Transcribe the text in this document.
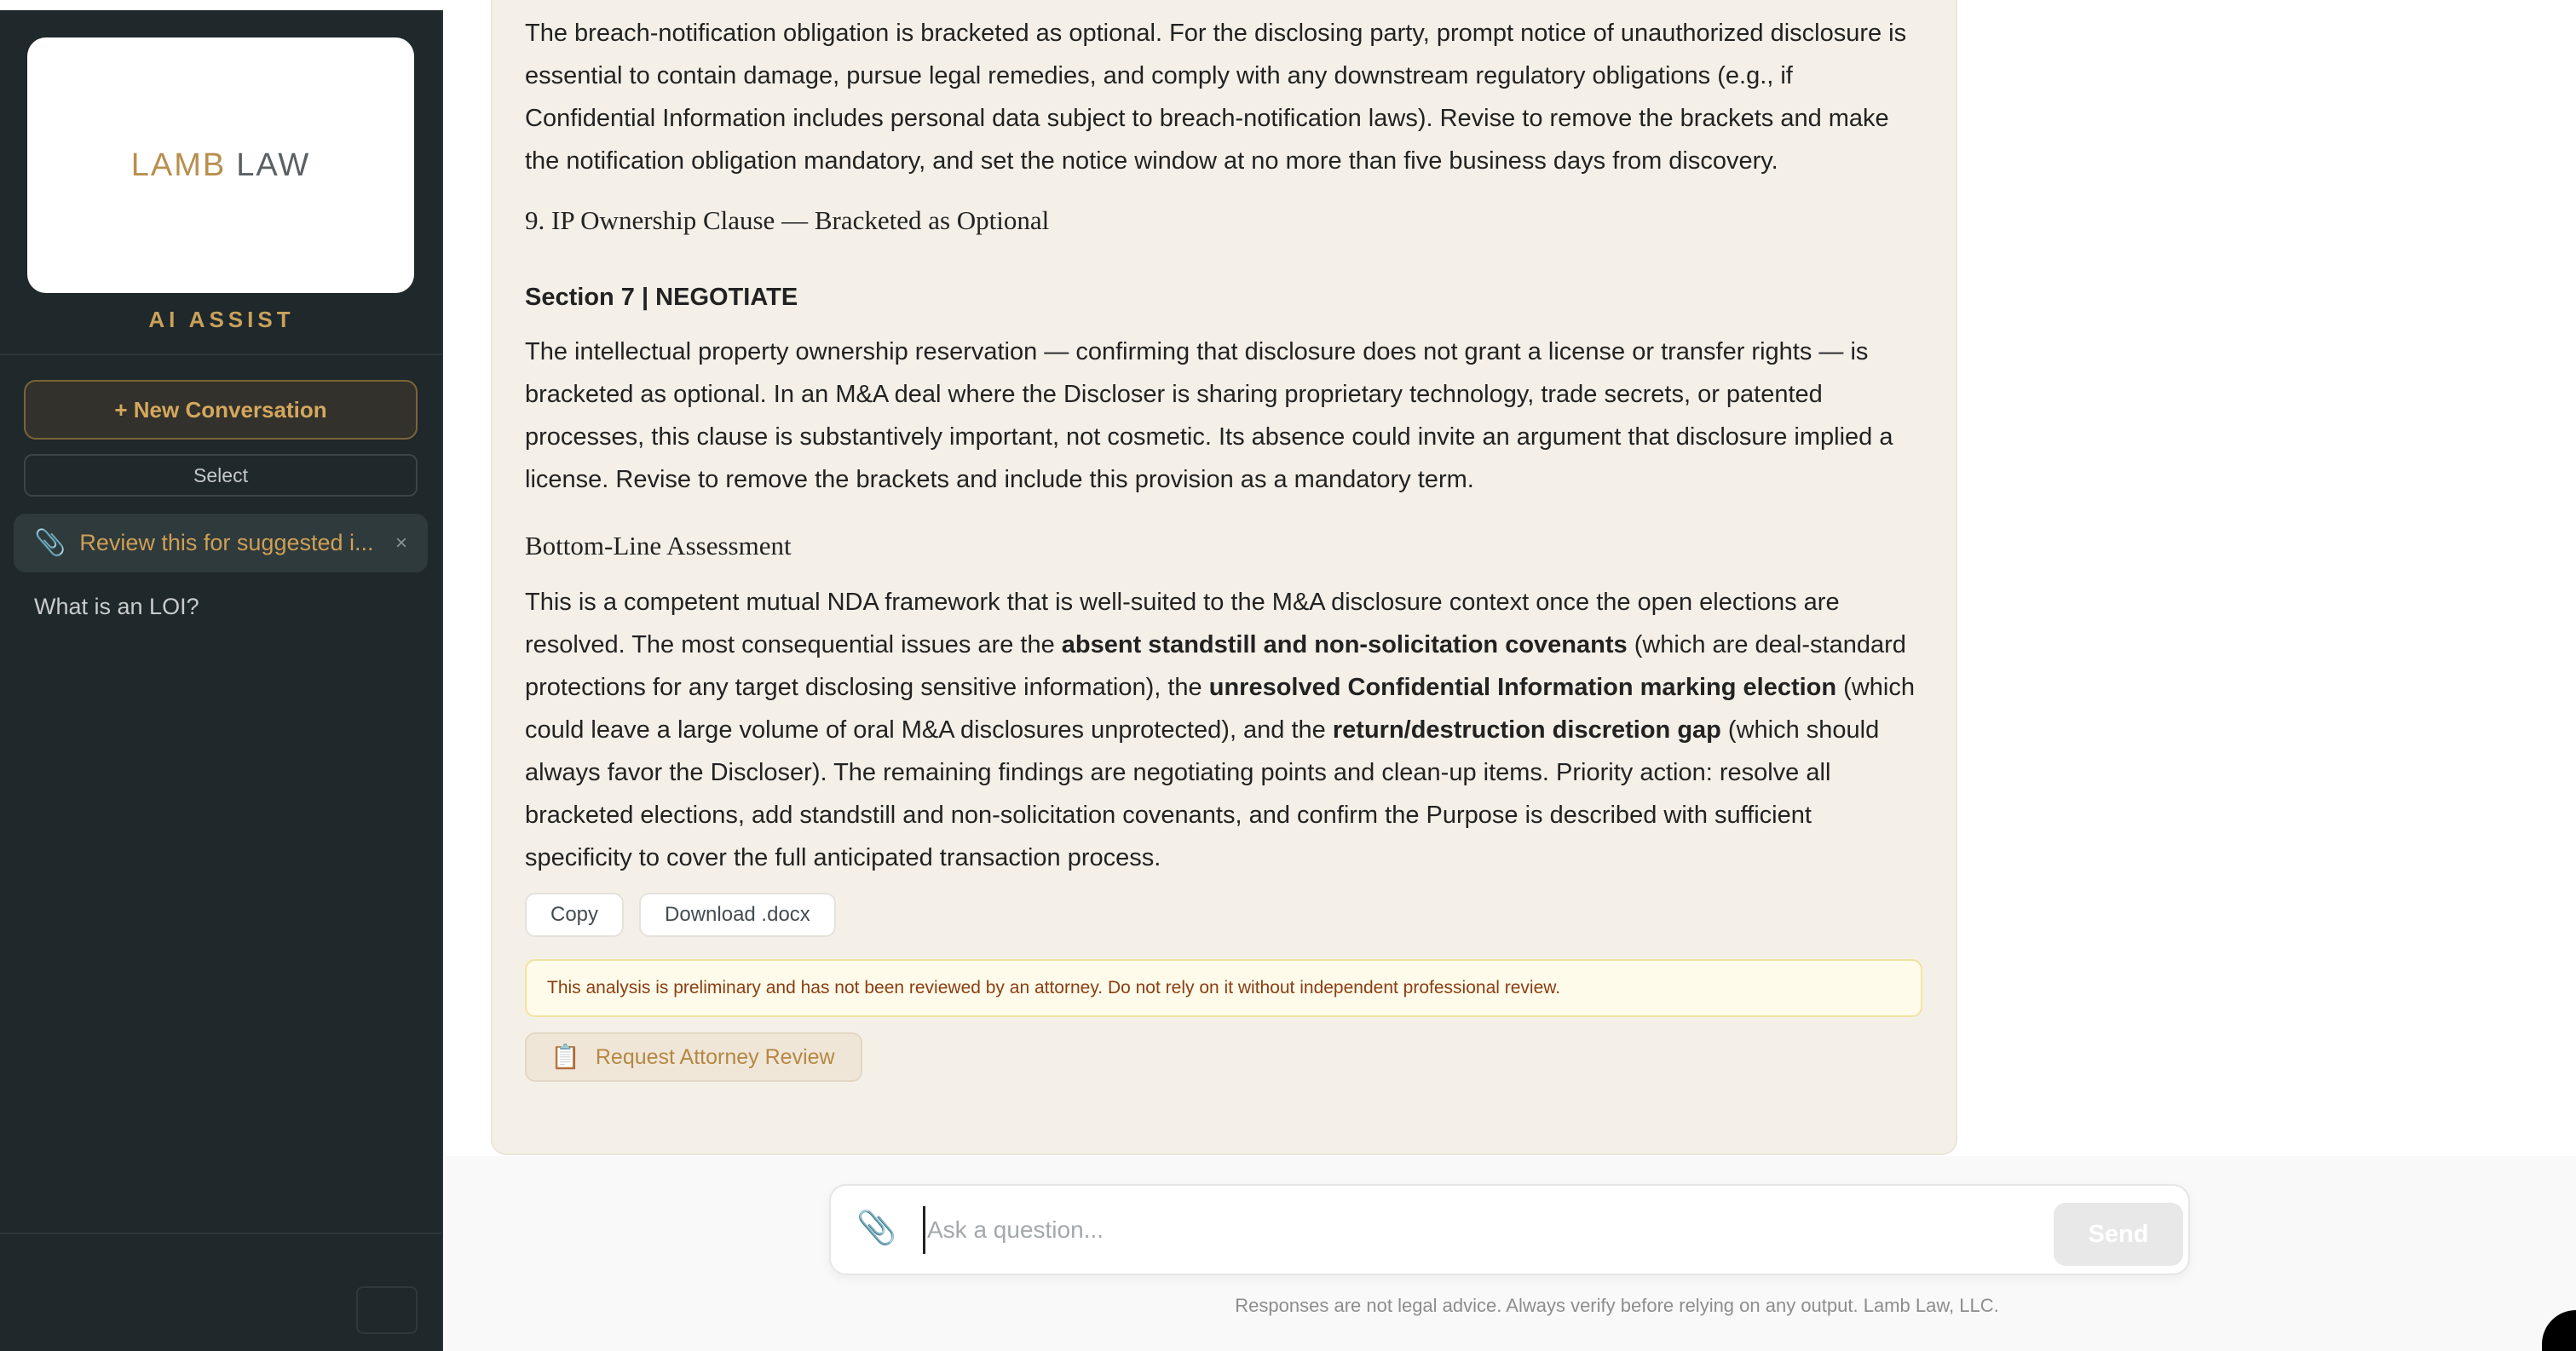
LAMB LAW
AI ASSIST
+ New Conversation
Select
📎 Review this for suggested i...	×
What is an LOI?

The breach-notification obligation is bracketed as optional. For the disclosing party, prompt notice of unauthorized disclosure is essential to contain damage, pursue legal remedies, and comply with any downstream regulatory obligations (e.g., if Confidential Information includes personal data subject to breach-notification laws). Revise to remove the brackets and make the notification obligation mandatory, and set the notice window at no more than five business days from discovery.

9. IP Ownership Clause — Bracketed as Optional
Section 7 | NEGOTIATE

The intellectual property ownership reservation — confirming that disclosure does not grant a license or transfer rights — is bracketed as optional. In an M&A deal where the Discloser is sharing proprietary technology, trade secrets, or patented processes, this clause is substantively important, not cosmetic. Its absence could invite an argument that disclosure implied a license. Revise to remove the brackets and include this provision as a mandatory term.

Bottom-Line Assessment

This is a competent mutual NDA framework that is well-suited to the M&A disclosure context once the open elections are resolved. The most consequential issues are the absent standstill and non-solicitation covenants (which are deal-standard protections for any target disclosing sensitive information), the unresolved Confidential Information marking election (which could leave a large volume of oral M&A disclosures unprotected), and the return/destruction discretion gap (which should always favor the Discloser). The remaining findings are negotiating points and clean-up items. Priority action: resolve all bracketed elections, add standstill and non-solicitation covenants, and confirm the Purpose is described with sufficient specificity to cover the full anticipated transaction process.

Copy	Download .docx
This analysis is preliminary and has not been reviewed by an attorney. Do not rely on it without independent professional review.
📋 Request Attorney Review
📎
Ask a question...	Send
Responses are not legal advice. Always verify before relying on any output. Lamb Law, LLC.
